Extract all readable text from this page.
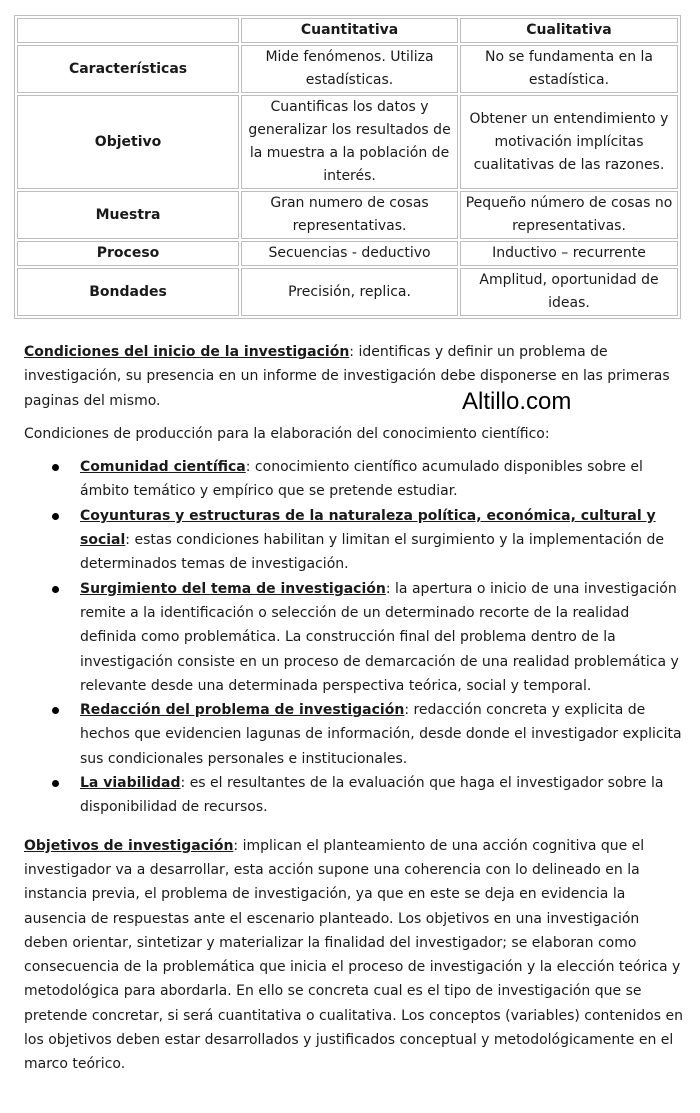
	Cuantitativa	Cualitativa
Características	Mide fenómenos. Utiliza estadísticas.	No se fundamenta en la estadística.
Objetivo	Cuantificas los datos y generalizar los resultados de la muestra a la población de interés.	Obtener un entendimiento y motivación implícitas cualitativas de las razones.
Muestra	Gran numero de cosas representativas.	Pequeño número de cosas no representativas.
Proceso	Secuencias - deductivo	Inductivo – recurrente
Bondades	Precisión, replica.	Amplitud, oportunidad de ideas.
Altillo.com

Condiciones del inicio de la investigación: identificas y definir un problema de investigación, su presencia en un informe de investigación debe disponerse en las primeras paginas del mismo.

Condiciones de producción para la elaboración del conocimiento científico:

Comunidad científica: conocimiento científico acumulado disponibles sobre el ámbito temático y empírico que se pretende estudiar.
Coyunturas y estructuras de la naturaleza política, económica, cultural y social: estas condiciones habilitan y limitan el surgimiento y la implementación de determinados temas de investigación.
Surgimiento del tema de investigación: la apertura o inicio de una investigación remite a la identificación o selección de un determinado recorte de la realidad definida como problemática. La construcción final del problema dentro de la investigación consiste en un proceso de demarcación de una realidad problemática y relevante desde una determinada perspectiva teórica, social y temporal.
Redacción del problema de investigación: redacción concreta y explicita de hechos que evidencien lagunas de información, desde donde el investigador explicita sus condicionales personales e institucionales.
La viabilidad: es el resultantes de la evaluación que haga el investigador sobre la disponibilidad de recursos.

Objetivos de investigación: implican el planteamiento de una acción cognitiva que el investigador va a desarrollar, esta acción supone una coherencia con lo delineado en la instancia previa, el problema de investigación, ya que en este se deja en evidencia la ausencia de respuestas ante el escenario planteado. Los objetivos en una investigación deben orientar, sintetizar y materializar la finalidad del investigador; se elaboran como consecuencia de la problemática que inicia el proceso de investigación y la elección teórica y metodológica para abordarla. En ello se concreta cual es el tipo de investigación que se pretende concretar, si será cuantitativa o cualitativa. Los conceptos (variables) contenidos en los objetivos deben estar desarrollados y justificados conceptual y metodológicamente en el marco teórico.
